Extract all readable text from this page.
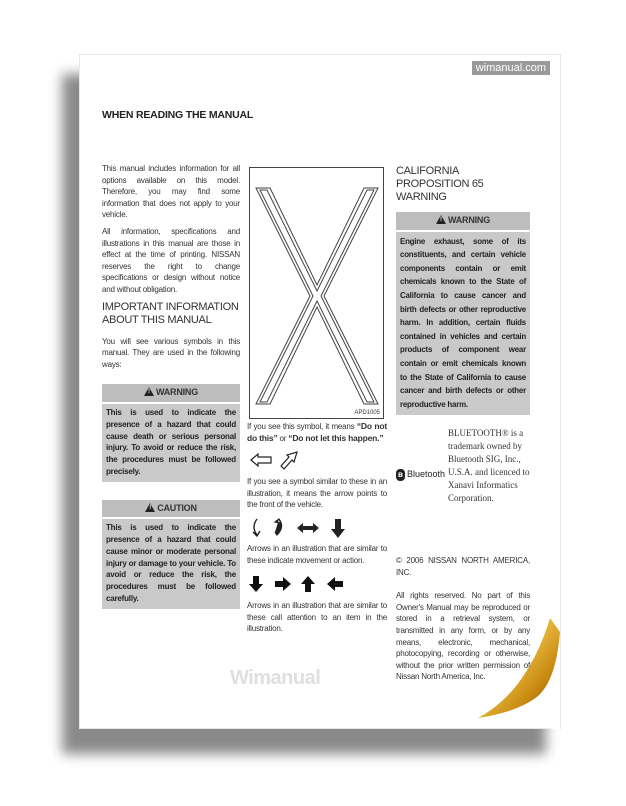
wimanual.com
WHEN READING THE MANUAL

This manual includes information for all options available on this model. Therefore, you may find some information that does not apply to your vehicle.

All information, specifications and illustrations in this manual are those in effect at the time of printing. NISSAN reserves the right to change specifications or design without notice and without obligation.

IMPORTANT INFORMATION ABOUT THIS MANUAL

You will see various symbols in this manual. They are used in the following ways:

! WARNING
This is used to indicate the presence of a hazard that could cause death or serious personal injury. To avoid or reduce the risk, the procedures must be followed precisely.
! CAUTION
This is used to indicate the presence of a hazard that could cause minor or moderate personal injury or damage to your vehicle. To avoid or reduce the risk, the procedures must be followed carefully.
APD1005

If you see this symbol, it means “Do not do this” or “Do not let this happen.”

If you see a symbol similar to these in an illustration, it means the arrow points to the front of the vehicle.

Arrows in an illustration that are similar to these indicate movement or action.

Arrows in an illustration that are similar to these call attention to an item in the illustration.

CALIFORNIA PROPOSITION 65 WARNING
! WARNING
Engine exhaust, some of its constituents, and certain vehicle components contain or emit chemicals known to the State of California to cause cancer and birth defects or other reproductive harm. In addition, certain fluids contained in vehicles and certain products of component wear contain or emit chemicals known to the State of California to cause cancer and birth defects or other reproductive harm.
ʙ Bluetooth
BLUETOOTH® is a trademark owned by Bluetooth SIG, Inc., U.S.A. and licenced to Xanavi Informatics Corporation.

© 2006 NISSAN NORTH AMERICA, INC.

All rights reserved. No part of this Owner's Manual may be reproduced or stored in a retrieval system, or transmitted in any form, or by any means, electronic, mechanical, photocopying, recording or otherwise, without the prior written permission of Nissan North America, Inc.

Wimanual
